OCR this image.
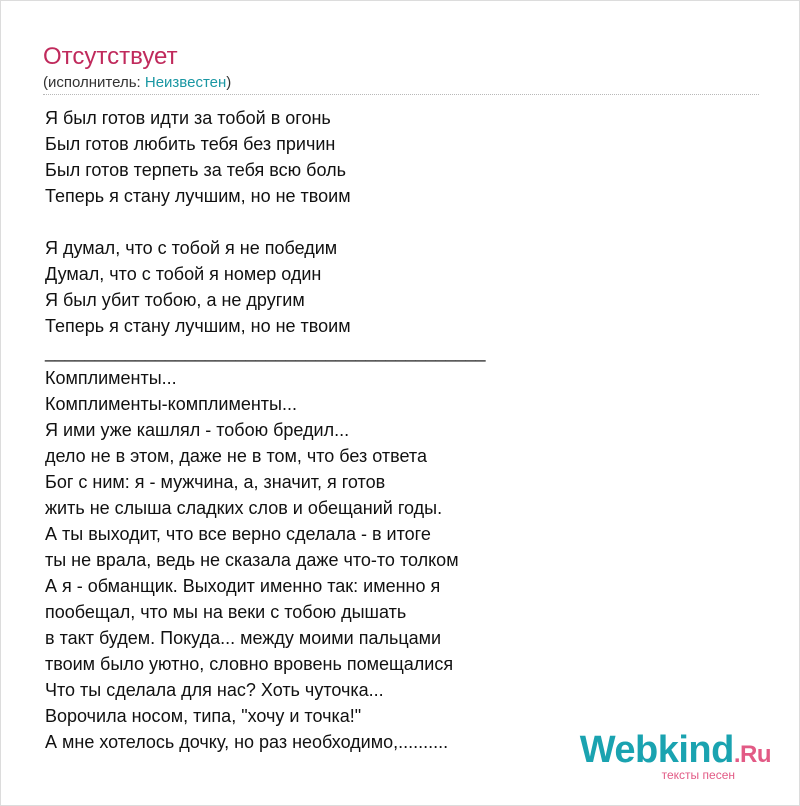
Отсутствует
(исполнитель: Неизвестен)
Я был готов идти за тобой в огонь
Был готов любить тебя без причин
Был готов терпеть за тебя всю боль
Теперь я стану лучшим, но не твоим
Я думал, что с тобой я не победим
Думал, что с тобой я номер один
Я был убит тобою, а не другим
Теперь я стану лучшим, но не твоим
____________________________________________
Комплименты...
Комплименты-комплименты...
Я ими уже кашлял - тобою бредил...
дело не в этом, даже не в том, что без ответа
Бог с ним: я - мужчина, а, значит, я готов
жить не слыша сладких слов и обещаний годы.
А ты выходит, что все верно сделала - в итоге
ты не врала, ведь не сказала даже что-то толком
А я - обманщик. Выходит именно так: именно я
пообещал, что мы на веки с тобою дышать
в такт будем. Покуда... между моими пальцами
твоим было уютно, словно вровень помещалися
Что ты сделала для нас? Хоть чуточка...
Ворочила носом, типа, "хочу и точка!"
А мне хотелось дочку, но раз необходимо,..........	Webkind.Ru
тексты песен
